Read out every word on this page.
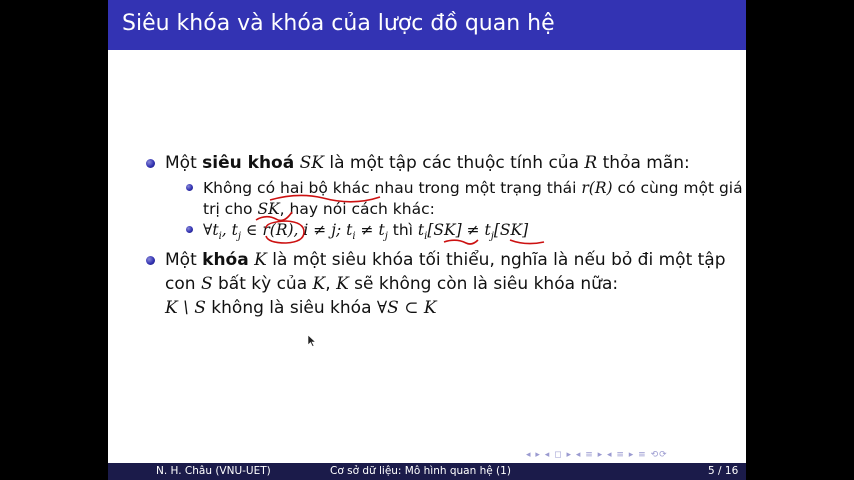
Siêu khóa và khóa của lược đồ quan hệ
Một siêu khoá SK là một tập các thuộc tính của R thỏa mãn:
Không có hai bộ khác nhau trong một trạng thái r(R) có cùng một giá
trị cho SK, hay nói cách khác:
$\forall t_i$, $t_j$ ∈ r(R), i ≠ j; $t_i \ne t_j$ thì $t_i[SK] \ne t_j[SK]$
Một khóa K là một siêu khóa tối thiểu, nghĩa là nếu bỏ đi một tập
con S bất kỳ của K, K sẽ không còn là siêu khóa nữa:
K \ S không là siêu khóa ∀S ⊂ K
◂ ▸ ◂ ◻ ▸ ◂ ≡ ▸ ◂ ≡ ▸ ≡ ⟲⟳
N. H. Châu (VNU-UET)	Cơ sở dữ liệu: Mô hình quan hệ (1)	5 / 16
